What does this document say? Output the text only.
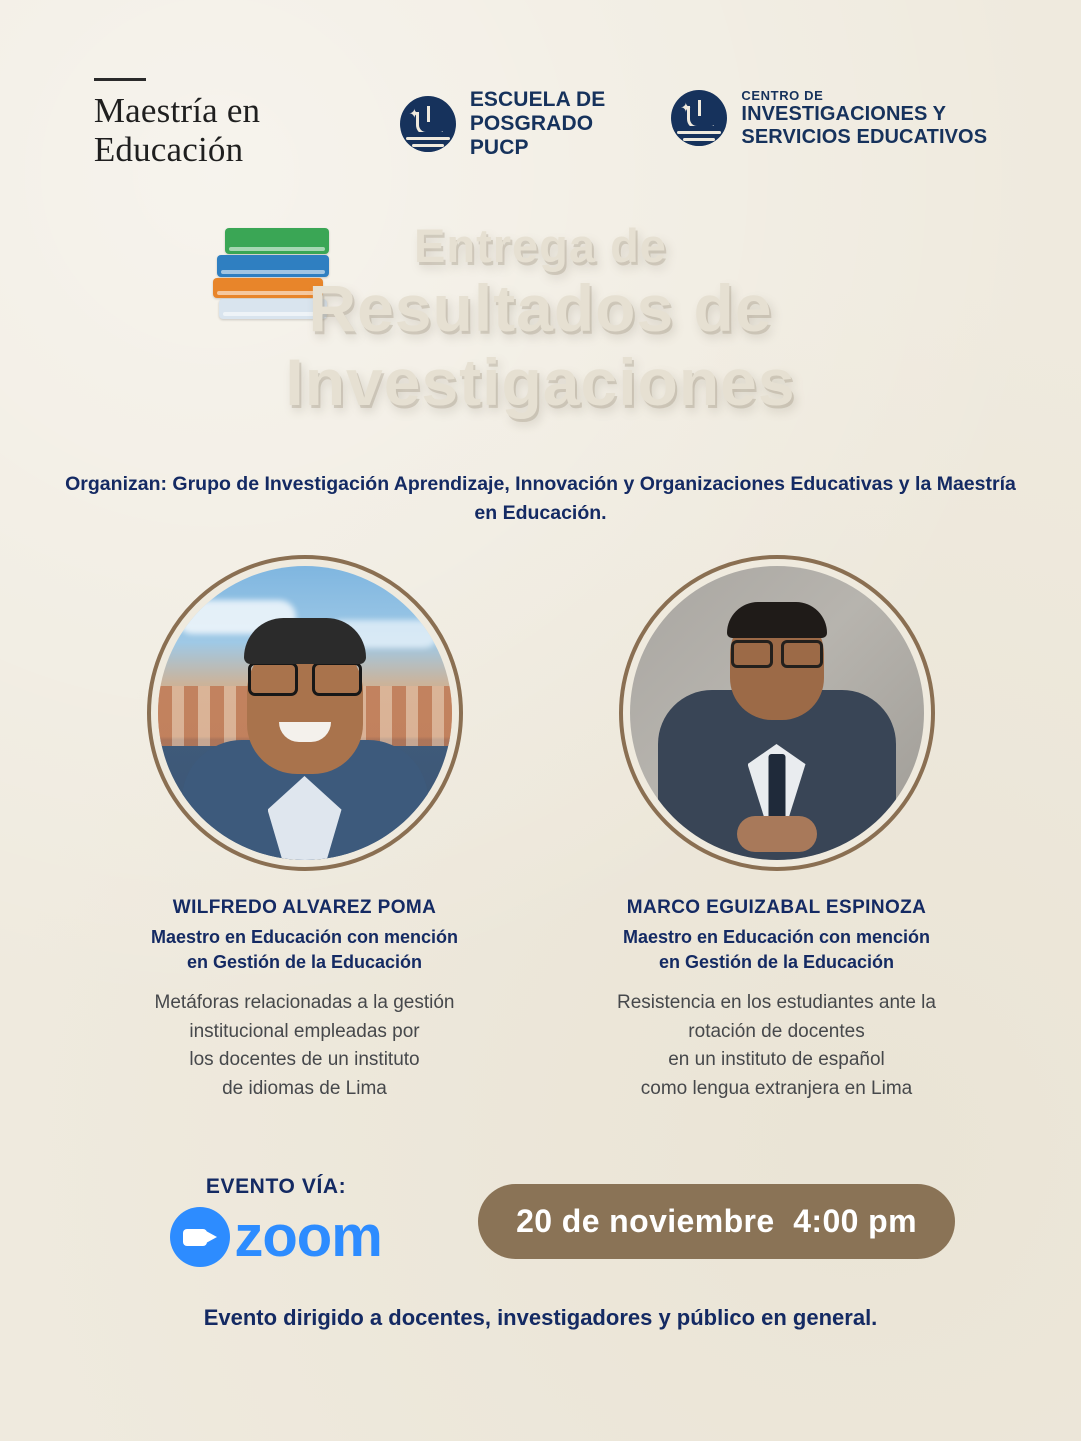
Maestría en
Educación
✦
ESCUELA DE
POSGRADO
PUCP
✦
CENTRO DE
INVESTIGACIONES Y
SERVICIOS EDUCATIVOS
Entrega de
Resultados de
Investigaciones
Organizan: Grupo de Investigación Aprendizaje, Innovación y Organizaciones Educativas y la Maestría en Educación.
WILFREDO ALVAREZ POMA
Maestro en Educación con mención
en Gestión de la Educación
Metáforas relacionadas a la gestión
institucional empleadas por
los docentes de un instituto
de idiomas de Lima
MARCO EGUIZABAL ESPINOZA
Maestro en Educación con mención
en Gestión de la Educación
Resistencia en los estudiantes ante la
rotación de docentes
en un instituto de español
como lengua extranjera en Lima
EVENTO VÍA:
zoom	20 de noviembre  4:00 pm
Evento dirigido a docentes, investigadores y público en general.
